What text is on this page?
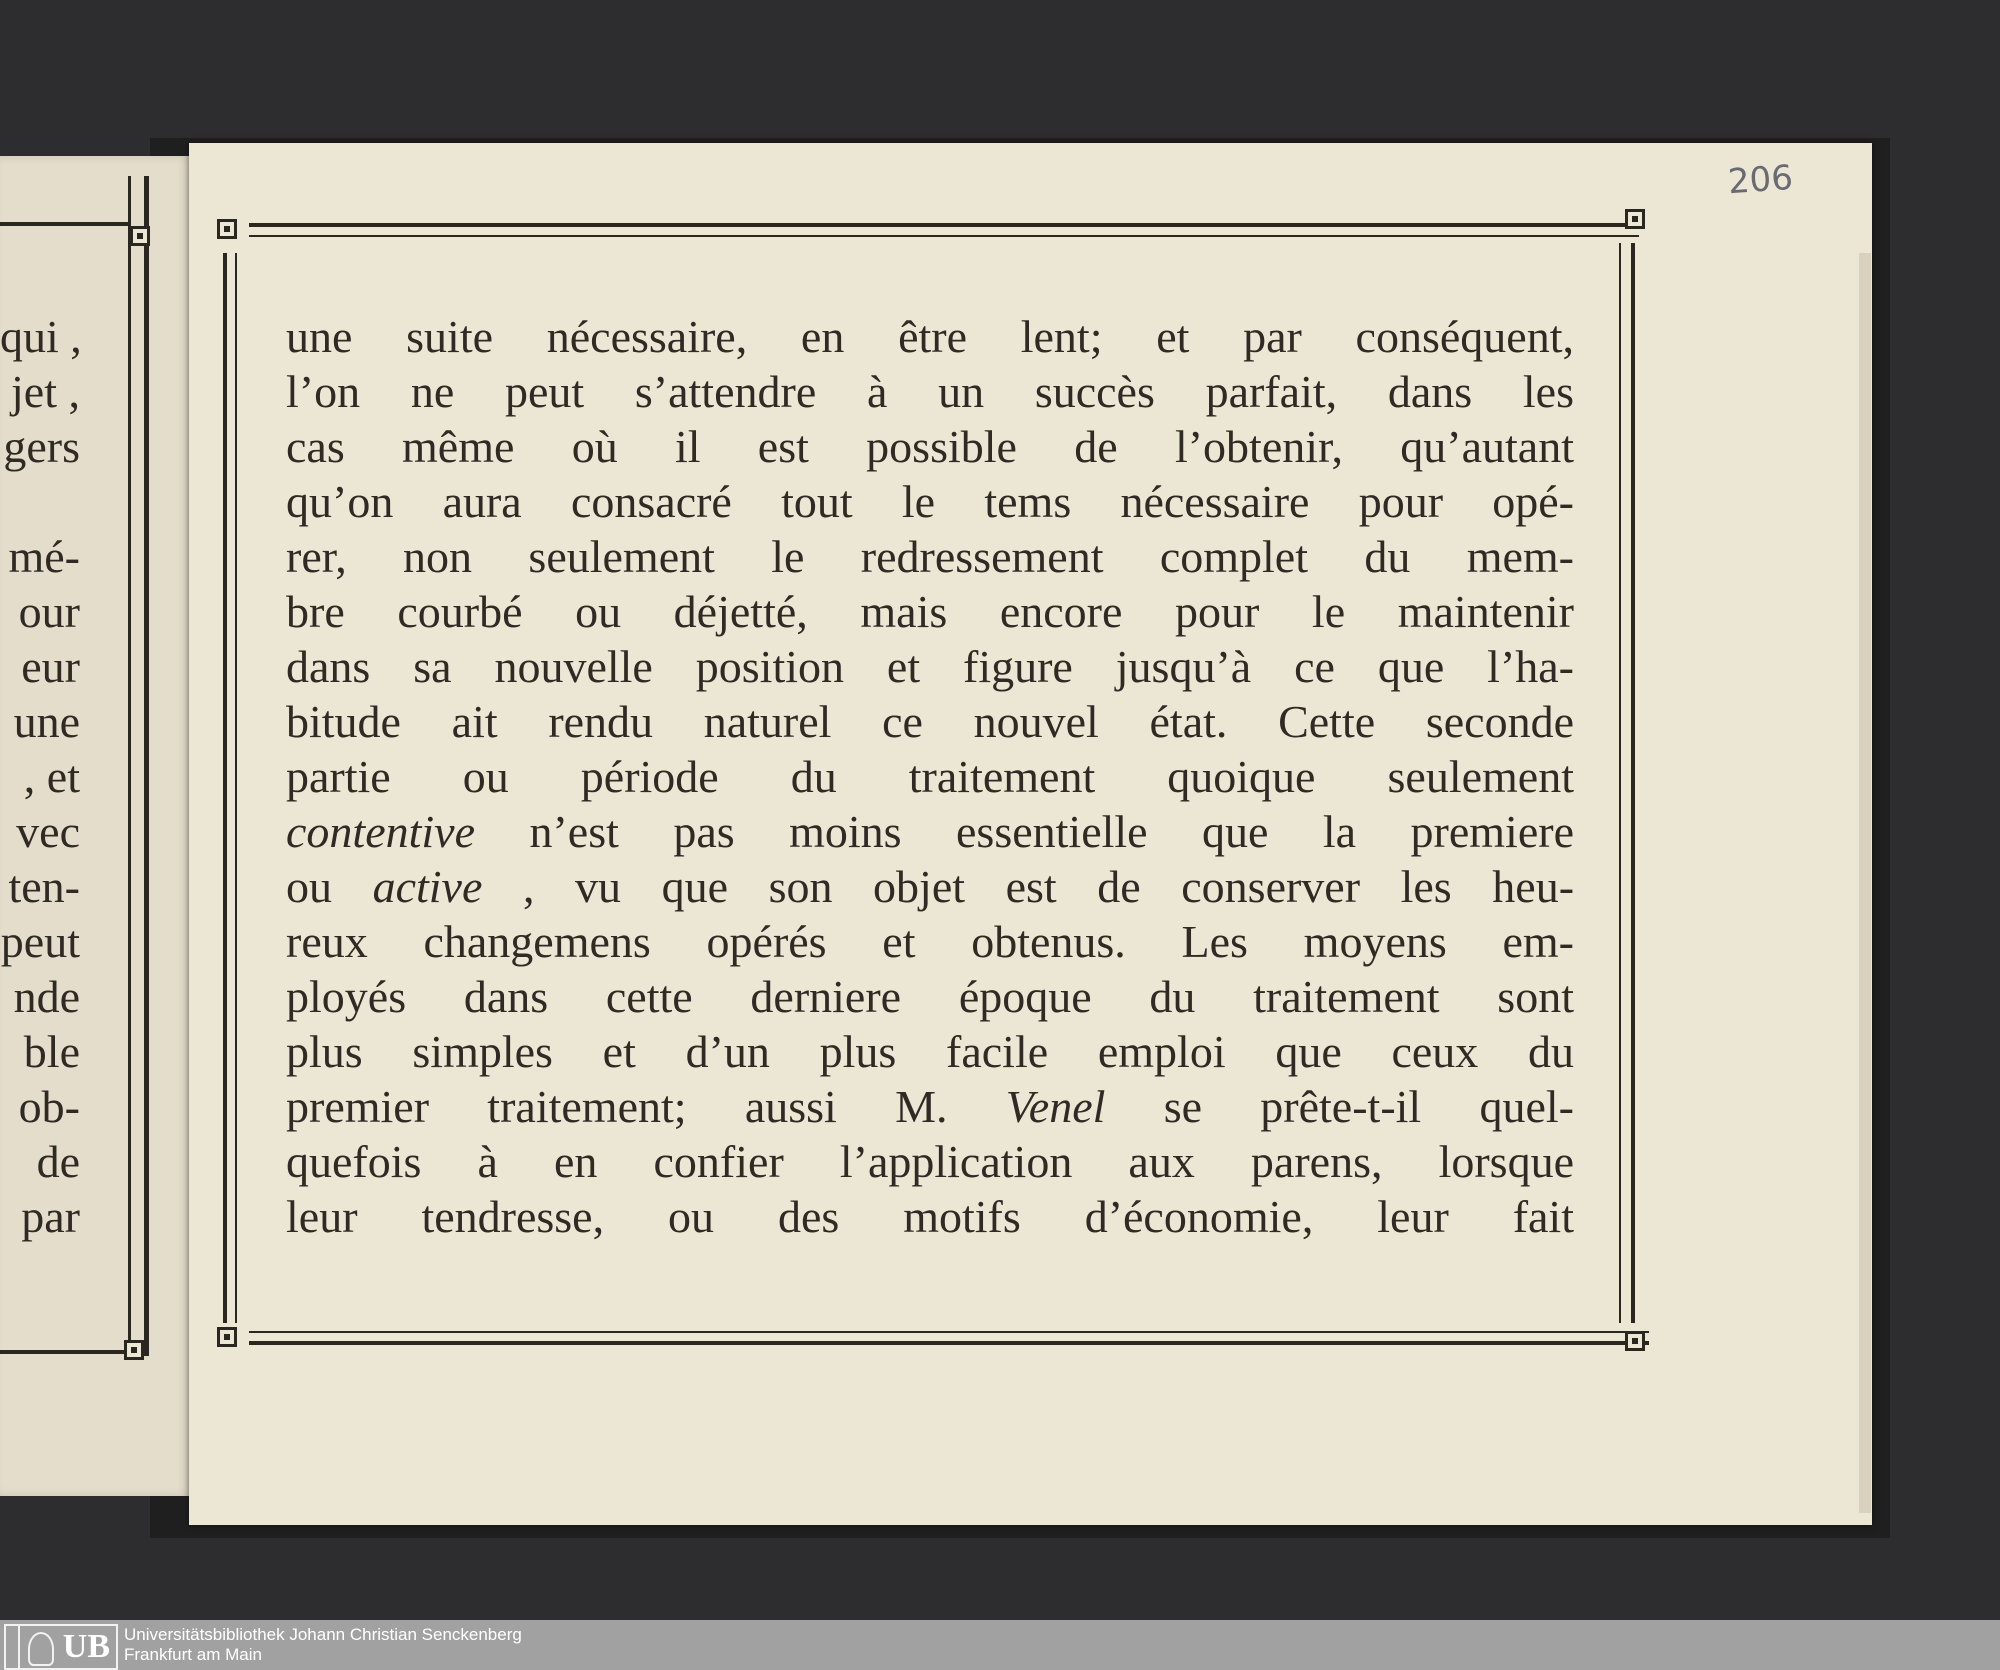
qui ,
jet ,
gers
mé-
our
eur
une
, et
vec
ten-
peut
nde
ble
ob-
de
par
206
une suite nécessaire, en être lent; et par conséquent,
l’on ne peut s’attendre à un succès parfait, dans les
cas même où il est possible de l’obtenir, qu’autant
qu’on aura consacré tout le tems nécessaire pour opé-
rer, non seulement le redressement complet du mem-
bre courbé ou déjetté, mais encore pour le maintenir
dans sa nouvelle position et figure jusqu’à ce que l’ha-
bitude ait rendu naturel ce nouvel état. Cette seconde
partie ou période du traitement quoique seulement
contentive n’est pas moins essentielle que la premiere
ou active , vu que son objet est de conserver les heu-
reux changemens opérés et obtenus. Les moyens em-
ployés dans cette derniere époque du traitement sont
plus simples et d’un plus facile emploi que ceux du
premier traitement; aussi M. Venel se prête-t-il quel-
quefois à en confier l’application aux parens, lorsque
leur tendresse, ou des motifs d’économie, leur fait
UB Universitätsbibliothek Johann Christian Senckenberg
Frankfurt am Main
